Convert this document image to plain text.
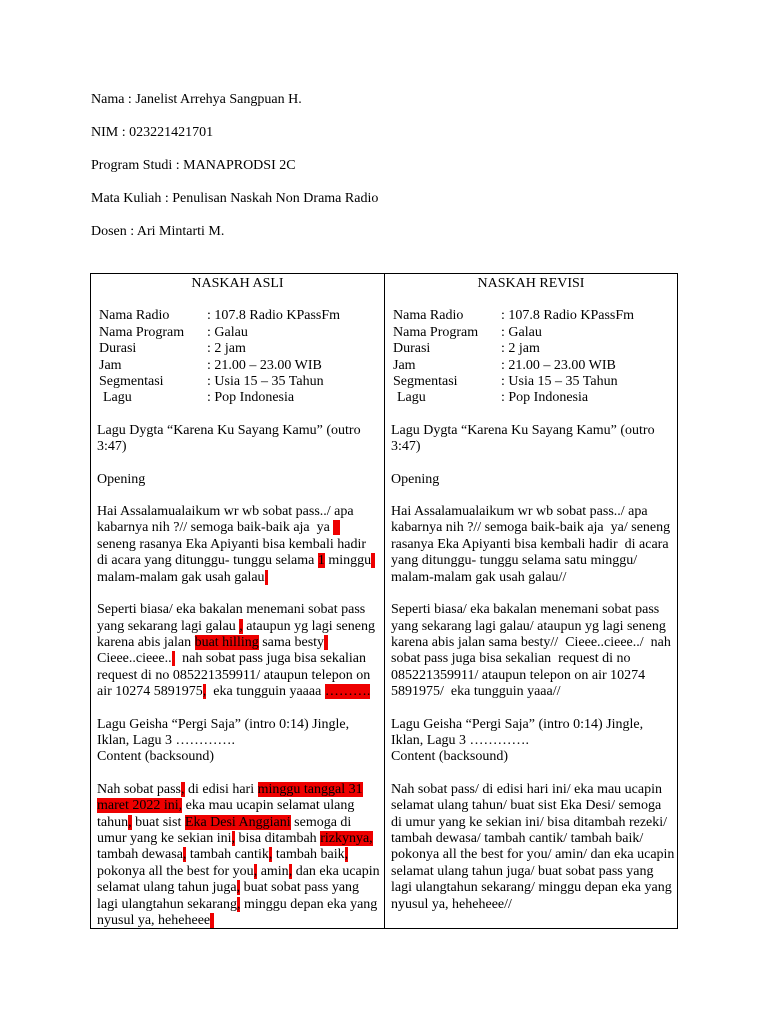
Nama : Janelist Arrehya Sangpuan H.

NIM : 023221421701

Program Studi : MANAPRODSI 2C

Mata Kuliah : Penulisan Naskah Non Drama Radio

Dosen : Ari Mintarti M.

NASKAH ASLI
Nama Radio	: 107.8 Radio KPassFm
Nama Program	: Galau
Durasi	: 2 jam
Jam	: 21.00 – 23.00 WIB
Segmentasi	: Usia 15 – 35 Tahun
Lagu	: Pop Indonesia
Lagu Dygta “Karena Ku Sayang Kamu” (outro
3:47)
Opening
Hai Assalamualaikum wr wb sobat pass../ apa
kabarnya nih ?// semoga baik-baik aja  ya
seneng rasanya Eka Apiyanti bisa kembali hadir
di acara yang ditunggu- tunggu selama 1 minggu
malam-malam gak usah galau
Seperti biasa/ eka bakalan menemani sobat pass
yang sekarang lagi galau , ataupun yg lagi seneng
karena abis jalan buat hilling sama besty
Cieee..cieee..   nah sobat pass juga bisa sekalian
request di no 085221359911/ ataupun telepon on
air 10274 5891975,  eka tungguin yaaaa ……….
Lagu Geisha “Pergi Saja” (intro 0:14) Jingle,
Iklan, Lagu 3 ………….
Content (backsound)
Nah sobat pass, di edisi hari minggu tanggal 31
maret 2022 ini, eka mau ucapin selamat ulang
tahun, buat sist Eka Desi Anggiani semoga di
umur yang ke sekian ini, bisa ditambah rizkynya,
tambah dewasa, tambah cantik, tambah baik,
pokonya all the best for you, amin, dan eka ucapin
selamat ulang tahun juga, buat sobat pass yang
lagi ulangtahun sekarang, minggu depan eka yang
nyusul ya, heheheee
NASKAH REVISI
Nama Radio	: 107.8 Radio KPassFm
Nama Program	: Galau
Durasi	: 2 jam
Jam	: 21.00 – 23.00 WIB
Segmentasi	: Usia 15 – 35 Tahun
Lagu	: Pop Indonesia
Lagu Dygta “Karena Ku Sayang Kamu” (outro
3:47)
Opening
Hai Assalamualaikum wr wb sobat pass../ apa
kabarnya nih ?// semoga baik-baik aja  ya/ seneng
rasanya Eka Apiyanti bisa kembali hadir  di acara
yang ditunggu- tunggu selama satu minggu/
malam-malam gak usah galau//
Seperti biasa/ eka bakalan menemani sobat pass
yang sekarang lagi galau/ ataupun yg lagi seneng
karena abis jalan sama besty//  Cieee..cieee../  nah
sobat pass juga bisa sekalian  request di no
085221359911/ ataupun telepon on air 10274
5891975/  eka tungguin yaaa//
Lagu Geisha “Pergi Saja” (intro 0:14) Jingle,
Iklan, Lagu 3 ………….
Content (backsound)
Nah sobat pass/ di edisi hari ini/ eka mau ucapin
selamat ulang tahun/ buat sist Eka Desi/ semoga
di umur yang ke sekian ini/ bisa ditambah rezeki/
tambah dewasa/ tambah cantik/ tambah baik/
pokonya all the best for you/ amin/ dan eka ucapin
selamat ulang tahun juga/ buat sobat pass yang
lagi ulangtahun sekarang/ minggu depan eka yang
nyusul ya, heheheee//
